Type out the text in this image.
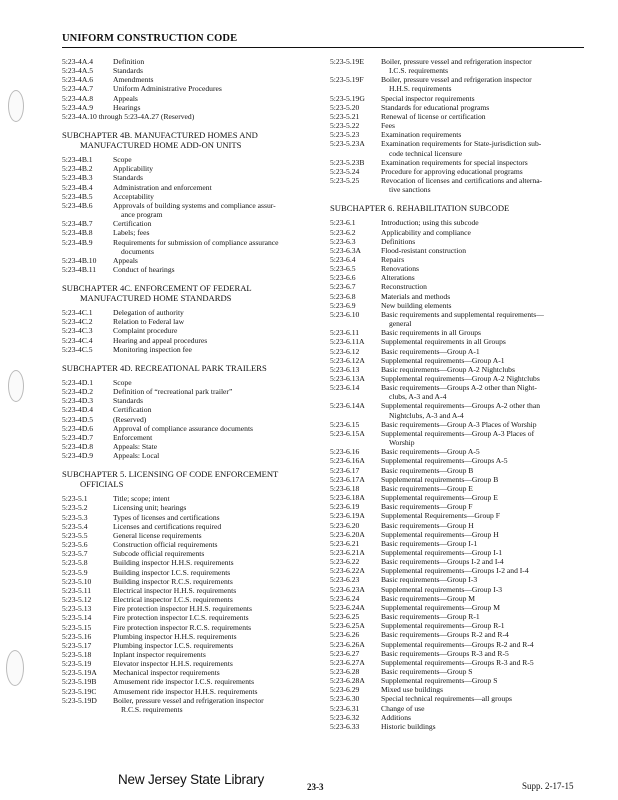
UNIFORM CONSTRUCTION CODE
5:23-4A.4	Definition
5:23-4A.5	Standards
5:23-4A.6	Amendments
5:23-4A.7	Uniform Administrative Procedures
5:23-4A.8	Appeals
5:23-4A.9	Hearings
5:23-4A.10 through 5:23-4A.27 (Reserved)
SUBCHAPTER 4B. MANUFACTURED HOMES AND
MANUFACTURED HOME ADD-ON UNITS
5:23-4B.1	Scope
5:23-4B.2	Applicability
5:23-4B.3	Standards
5:23-4B.4	Administration and enforcement
5:23-4B.5	Acceptability
5:23-4B.6	Approvals of building systems and compliance assur-
ance program
5:23-4B.7	Certification
5:23-4B.8	Labels; fees
5:23-4B.9	Requirements for submission of compliance assurance
documents
5:23-4B.10	Appeals
5:23-4B.11	Conduct of hearings
SUBCHAPTER 4C. ENFORCEMENT OF FEDERAL
MANUFACTURED HOME STANDARDS
5:23-4C.1	Delegation of authority
5:23-4C.2	Relation to Federal law
5:23-4C.3	Complaint procedure
5:23-4C.4	Hearing and appeal procedures
5:23-4C.5	Monitoring inspection fee
SUBCHAPTER 4D. RECREATIONAL PARK TRAILERS
5:23-4D.1	Scope
5:23-4D.2	Definition of “recreational park trailer”
5:23-4D.3	Standards
5:23-4D.4	Certification
5:23-4D.5	(Reserved)
5:23-4D.6	Approval of compliance assurance documents
5:23-4D.7	Enforcement
5:23-4D.8	Appeals: State
5:23-4D.9	Appeals: Local
SUBCHAPTER 5. LICENSING OF CODE ENFORCEMENT
OFFICIALS
5:23-5.1	Title; scope; intent
5:23-5.2	Licensing unit; hearings
5:23-5.3	Types of licenses and certifications
5:23-5.4	Licenses and certifications required
5:23-5.5	General license requirements
5:23-5.6	Construction official requirements
5:23-5.7	Subcode official requirements
5:23-5.8	Building inspector H.H.S. requirements
5:23-5.9	Building inspector I.C.S. requirements
5:23-5.10	Building inspector R.C.S. requirements
5:23-5.11	Electrical inspector H.H.S. requirements
5:23-5.12	Electrical inspector I.C.S. requirements
5:23-5.13	Fire protection inspector H.H.S. requirements
5:23-5.14	Fire protection inspector I.C.S. requirements
5:23-5.15	Fire protection inspector R.C.S. requirements
5:23-5.16	Plumbing inspector H.H.S. requirements
5:23-5.17	Plumbing inspector I.C.S. requirements
5:23-5.18	Inplant inspector requirements
5:23-5.19	Elevator inspector H.H.S. requirements
5:23-5.19A	Mechanical inspector requirements
5:23-5.19B	Amusement ride inspector I.C.S. requirements
5:23-5.19C	Amusement ride inspector H.H.S. requirements
5:23-5.19D	Boiler, pressure vessel and refrigeration inspector
R.C.S. requirements
5:23-5.19E	Boiler, pressure vessel and refrigeration inspector
I.C.S. requirements
5:23-5.19F	Boiler, pressure vessel and refrigeration inspector
H.H.S. requirements
5:23-5.19G	Special inspector requirements
5:23-5.20	Standards for educational programs
5:23-5.21	Renewal of license or certification
5:23-5.22	Fees
5:23-5.23	Examination requirements
5:23-5.23A	Examination requirements for State-jurisdiction sub-
code technical licensure
5:23-5.23B	Examination requirements for special inspectors
5:23-5.24	Procedure for approving educational programs
5:23-5.25	Revocation of licenses and certifications and alterna-
tive sanctions
SUBCHAPTER 6. REHABILITATION SUBCODE
5:23-6.1	Introduction; using this subcode
5:23-6.2	Applicability and compliance
5:23-6.3	Definitions
5:23-6.3A	Flood-resistant construction
5:23-6.4	Repairs
5:23-6.5	Renovations
5:23-6.6	Alterations
5:23-6.7	Reconstruction
5:23-6.8	Materials and methods
5:23-6.9	New building elements
5:23-6.10	Basic requirements and supplemental requirements—
general
5:23-6.11	Basic requirements in all Groups
5:23-6.11A	Supplemental requirements in all Groups
5:23-6.12	Basic requirements—Group A-1
5:23-6.12A	Supplemental requirements—Group A-1
5:23-6.13	Basic requirements—Group A-2 Nightclubs
5:23-6.13A	Supplemental requirements—Group A-2 Nightclubs
5:23-6.14	Basic requirements—Groups A-2 other than Night-
clubs, A-3 and A-4
5:23-6.14A	Supplemental requirements—Groups A-2 other than
Nightclubs, A-3 and A-4
5:23-6.15	Basic requirements—Group A-3 Places of Worship
5:23-6.15A	Supplemental requirements—Group A-3 Places of
Worship
5:23-6.16	Basic requirements—Group A-5
5:23-6.16A	Supplemental requirements—Groups A-5
5:23-6.17	Basic requirements—Group B
5:23-6.17A	Supplemental requirements—Group B
5:23-6.18	Basic requirements—Group E
5:23-6.18A	Supplemental requirements—Group E
5:23-6.19	Basic requirements—Group F
5:23-6.19A	Supplemental Requirements—Group F
5:23-6.20	Basic requirements—Group H
5:23-6.20A	Supplemental requirements—Group H
5:23-6.21	Basic requirements—Group I-1
5:23-6.21A	Supplemental requirements—Group I-1
5:23-6.22	Basic requirements—Groups I-2 and I-4
5:23-6.22A	Supplemental requirements—Groups I-2 and I-4
5:23-6.23	Basic requirements—Group I-3
5:23-6.23A	Supplemental requirements—Group I-3
5:23-6.24	Basic requirements—Group M
5:23-6.24A	Supplemental requirements—Group M
5:23-6.25	Basic requirements—Group R-1
5:23-6.25A	Supplemental requirements—Group R-1
5:23-6.26	Basic requirements—Groups R-2 and R-4
5:23-6.26A	Supplemental requirements—Groups R-2 and R-4
5:23-6.27	Basic requirements—Groups R-3 and R-5
5:23-6.27A	Supplemental requirements—Groups R-3 and R-5
5:23-6.28	Basic requirements—Group S
5:23-6.28A	Supplemental requirements—Group S
5:23-6.29	Mixed use buildings
5:23-6.30	Special technical requirements—all groups
5:23-6.31	Change of use
5:23-6.32	Additions
5:23-6.33	Historic buildings
New Jersey State Library	23-3	Supp. 2-17-15
